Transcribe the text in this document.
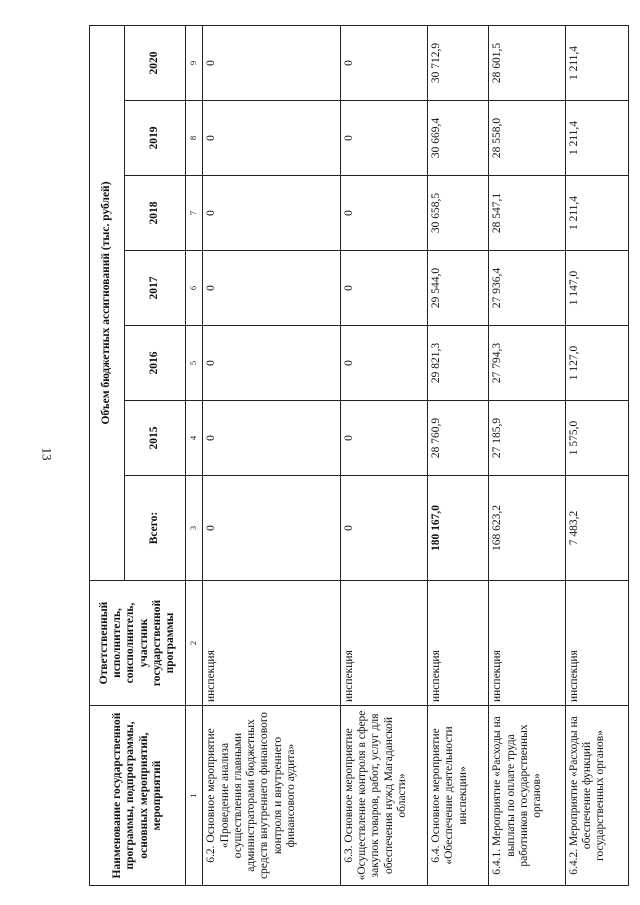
13
Наименование государственной программы, подпрограммы, основных мероприятий, мероприятий	Ответственный исполнитель, соисполнитель, участник государственной программы	Объем бюджетных ассигнований (тыс. рублей)						
		Всего:	2015	2016	2017	2018	2019	2020
1	2	3	4	5	6	7	8	9
6.2. Основное мероприятие «Проведение анализа осуществления главными администраторами бюджетных средств внутреннего финансового контроля и внутреннего финансового аудита»	инспекция	0	0	0	0	0	0	0
6.3. Основное мероприятие «Осуществление контроля в сфере закупок товаров, работ, услуг для обеспечения нужд Магаданской области»	инспекция	0	0	0	0	0	0	0
6.4. Основное мероприятие «Обеспечение деятельности инспекции»	инспекция	180 167,0	28 760,9	29 821,3	29 544,0	30 658,5	30 669,4	30 712,9
6.4.1. Мероприятие «Расходы на выплаты по оплате труда работников государственных органов»	инспекция	168 623,2	27 185,9	27 794,3	27 936,4	28 547,1	28 558,0	28 601,5
6.4.2. Мероприятие «Расходы на обеспечение функций государственных органов»	инспекция	7 483,2	1 575,0	1 127,0	1 147,0	1 211,4	1 211,4	1 211,4
